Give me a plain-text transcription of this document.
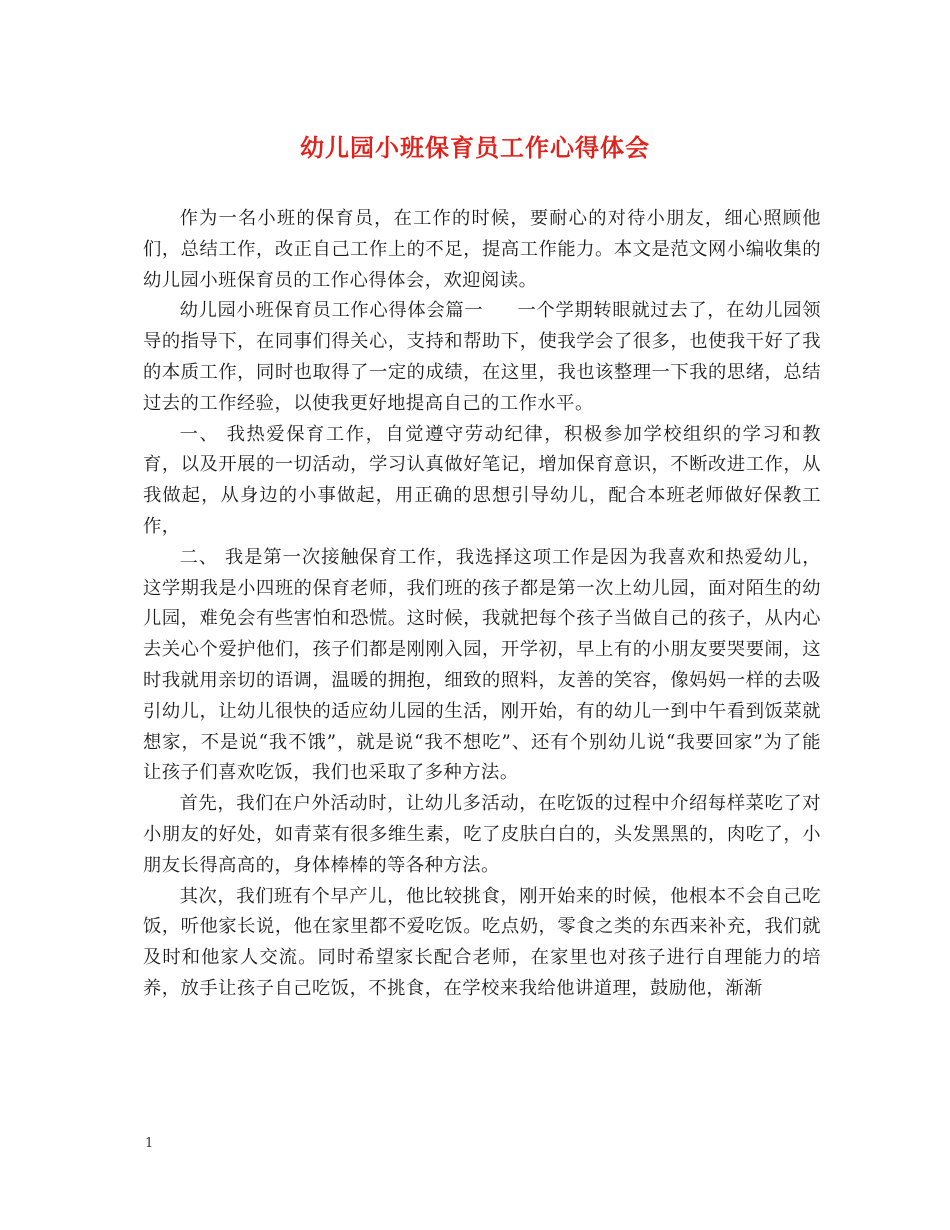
幼儿园小班保育员工作心得体会

作为一名小班的保育员，在工作的时候，要耐心的对待小朋友，细心照顾他们，总结工作，改正自己工作上的不足，提高工作能力。本文是范文网小编收集的幼儿园小班保育员的工作心得体会，欢迎阅读。

幼儿园小班保育员工作心得体会篇一 一个学期转眼就过去了，在幼儿园领导的指导下，在同事们得关心，支持和帮助下，使我学会了很多，也使我干好了我的本质工作，同时也取得了一定的成绩，在这里，我也该整理一下我的思绪，总结过去的工作经验，以使我更好地提高自己的工作水平。

一、 我热爱保育工作，自觉遵守劳动纪律，积极参加学校组织的学习和教育，以及开展的一切活动，学习认真做好笔记，增加保育意识，不断改进工作，从我做起，从身边的小事做起，用正确的思想引导幼儿，配合本班老师做好保教工作，

二、 我是第一次接触保育工作，我选择这项工作是因为我喜欢和热爱幼儿，这学期我是小四班的保育老师，我们班的孩子都是第一次上幼儿园，面对陌生的幼儿园，难免会有些害怕和恐慌。这时候，我就把每个孩子当做自己的孩子，从内心去关心个爱护他们，孩子们都是刚刚入园，开学初，早上有的小朋友要哭要闹，这时我就用亲切的语调，温暖的拥抱，细致的照料，友善的笑容，像妈妈一样的去吸引幼儿，让幼儿很快的适应幼儿园的生活，刚开始，有的幼儿一到中午看到饭菜就想家，不是说“我不饿”，就是说“我不想吃”、还有个别幼儿说“我要回家”为了能让孩子们喜欢吃饭，我们也采取了多种方法。

首先，我们在户外活动时，让幼儿多活动，在吃饭的过程中介绍每样菜吃了对小朋友的好处，如青菜有很多维生素，吃了皮肤白白的，头发黑黑的，肉吃了，小朋友长得高高的，身体棒棒的等各种方法。

其次，我们班有个早产儿，他比较挑食，刚开始来的时候，他根本不会自己吃饭，听他家长说，他在家里都不爱吃饭。吃点奶，零食之类的东西来补充，我们就及时和他家人交流。同时希望家长配合老师，在家里也对孩子进行自理能力的培养，放手让孩子自己吃饭，不挑食，在学校来我给他讲道理，鼓励他，渐渐

1
